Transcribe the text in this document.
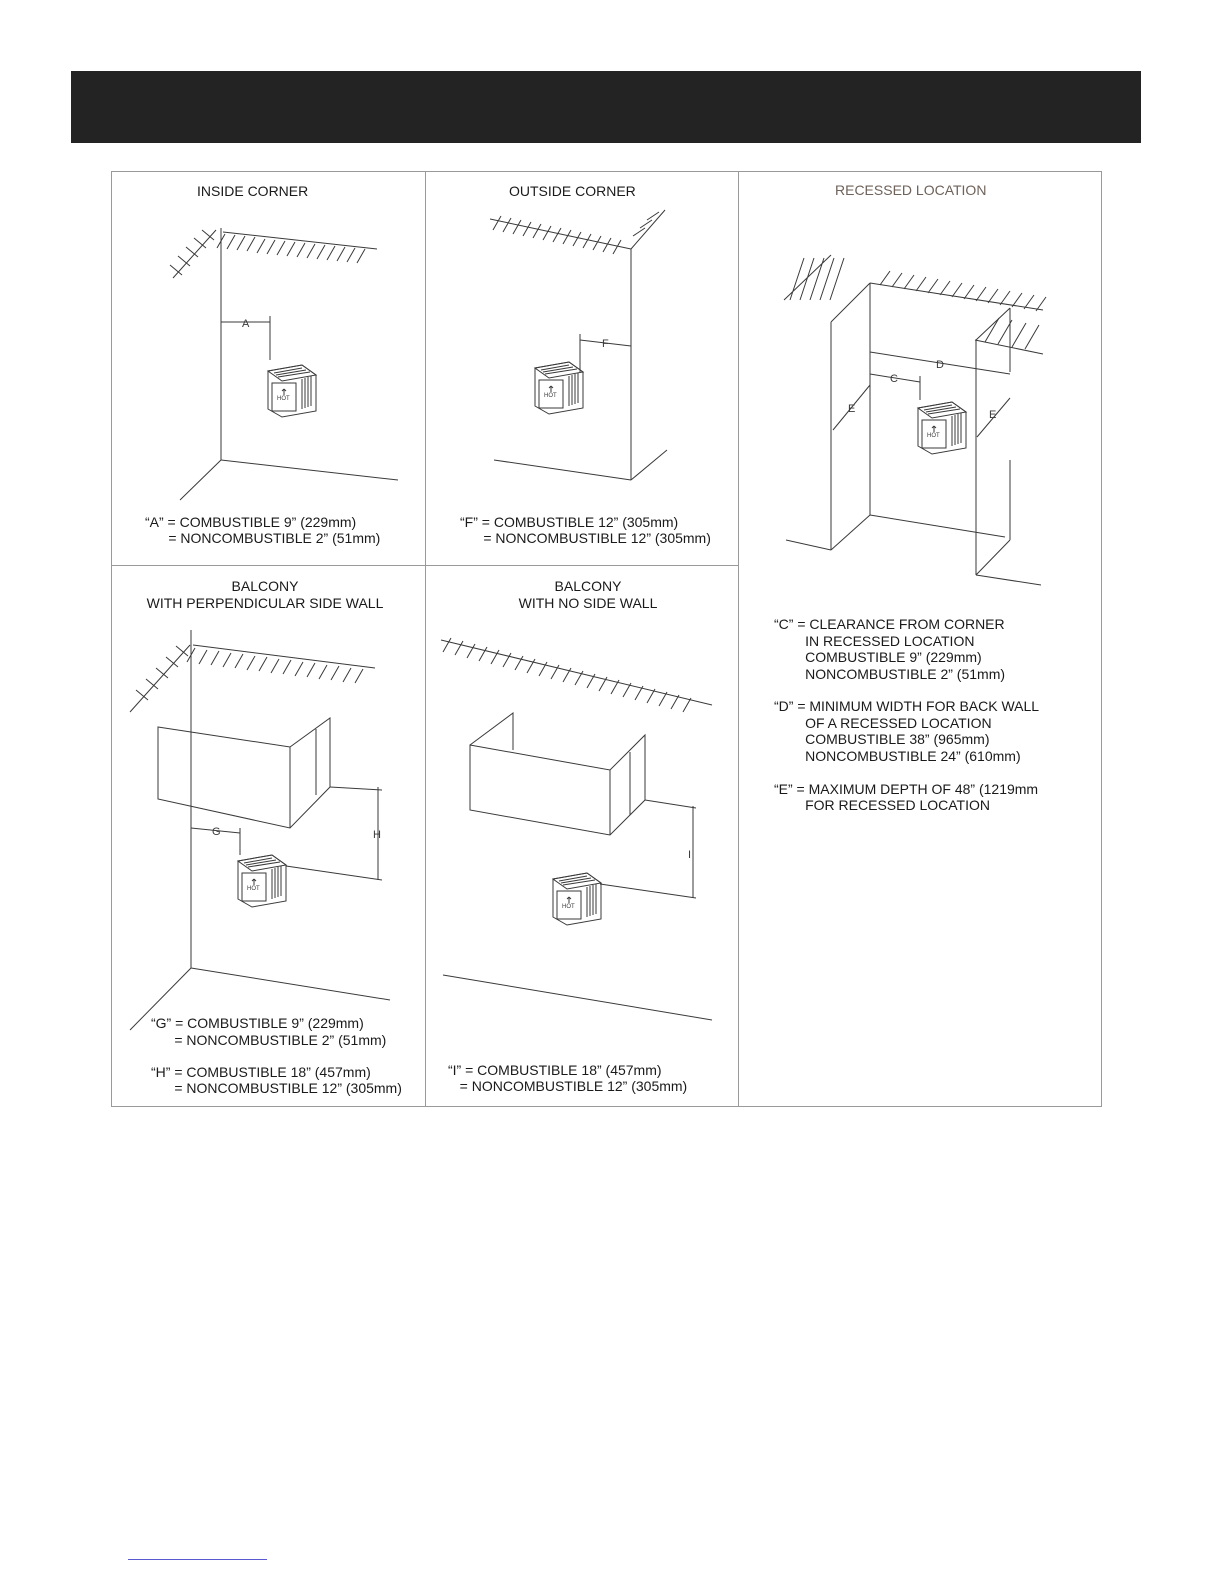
A
HOT
F
HOT
D
C
E	E
HOT
H
G
HOT
I
HOT
INSIDE CORNER
“A” = COMBUSTIBLE 9” (229mm)
= NONCOMBUSTIBLE 2” (51mm)
OUTSIDE CORNER
“F” = COMBUSTIBLE 12” (305mm)
= NONCOMBUSTIBLE 12” (305mm)
RECESSED LOCATION
“C” = CLEARANCE FROM CORNER
IN RECESSED LOCATION
COMBUSTIBLE 9” (229mm)
NONCOMBUSTIBLE 2” (51mm)
“D” = MINIMUM WIDTH FOR BACK WALL
OF A RECESSED LOCATION
COMBUSTIBLE 38” (965mm)
NONCOMBUSTIBLE 24” (610mm)
“E” = MAXIMUM DEPTH OF 48” (1219mm
FOR RECESSED LOCATION
BALCONY
WITH PERPENDICULAR SIDE WALL
“G” = COMBUSTIBLE 9” (229mm)
= NONCOMBUSTIBLE 2” (51mm)
“H” = COMBUSTIBLE 18” (457mm)
= NONCOMBUSTIBLE 12” (305mm)
BALCONY
WITH NO SIDE WALL
“I” = COMBUSTIBLE 18” (457mm)
= NONCOMBUSTIBLE 12” (305mm)
